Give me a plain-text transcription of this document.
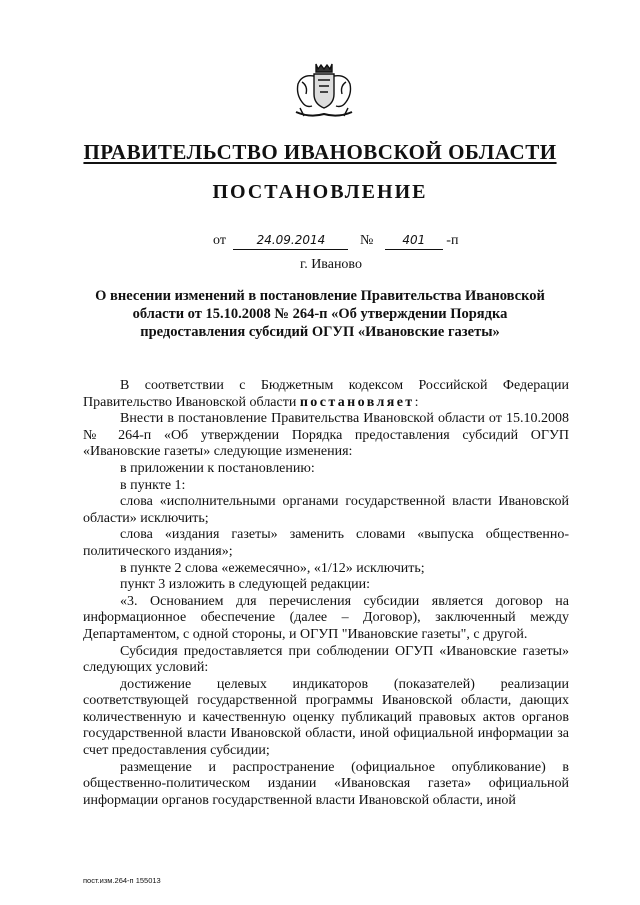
ПРАВИТЕЛЬСТВО ИВАНОВСКОЙ ОБЛАСТИ
ПОСТАНОВЛЕНИЕ
от	24.09.2014 № 401 -п
г. Иваново
О внесении изменений в постановление Правительства Ивановской области от 15.10.2008 № 264-п «Об утверждении Порядка предоставления субсидий ОГУП «Ивановские газеты»

В соответствии с Бюджетным кодексом Российской Федерации Правительство Ивановской области постановляет:

Внести в постановление Правительства Ивановской области от 15.10.2008 № 264-п «Об утверждении Порядка предоставления субсидий ОГУП «Ивановские газеты» следующие изменения:

в приложении к постановлению:

в пункте 1:

слова «исполнительными органами государственной власти Ивановской области» исключить;

слова «издания газеты» заменить словами «выпуска общественно-политического издания»;

в пункте 2 слова «ежемесячно», «1/12» исключить;

пункт 3 изложить в следующей редакции:

«3. Основанием для перечисления субсидии является договор на информационное обеспечение (далее – Договор), заключенный между Департаментом, с одной стороны, и ОГУП "Ивановские газеты", с другой.

Субсидия предоставляется при соблюдении ОГУП «Ивановские газеты» следующих условий:

достижение целевых индикаторов (показателей) реализации соответствующей государственной программы Ивановской области, дающих количественную и качественную оценку публикаций правовых актов органов государственной власти Ивановской области, иной официальной информации за счет предоставления субсидии;

размещение и распространение (официальное опубликование) в общественно-политическом издании «Ивановская газета» официальной информации органов государственной власти Ивановской области, иной

пост.изм.264-п 155013
